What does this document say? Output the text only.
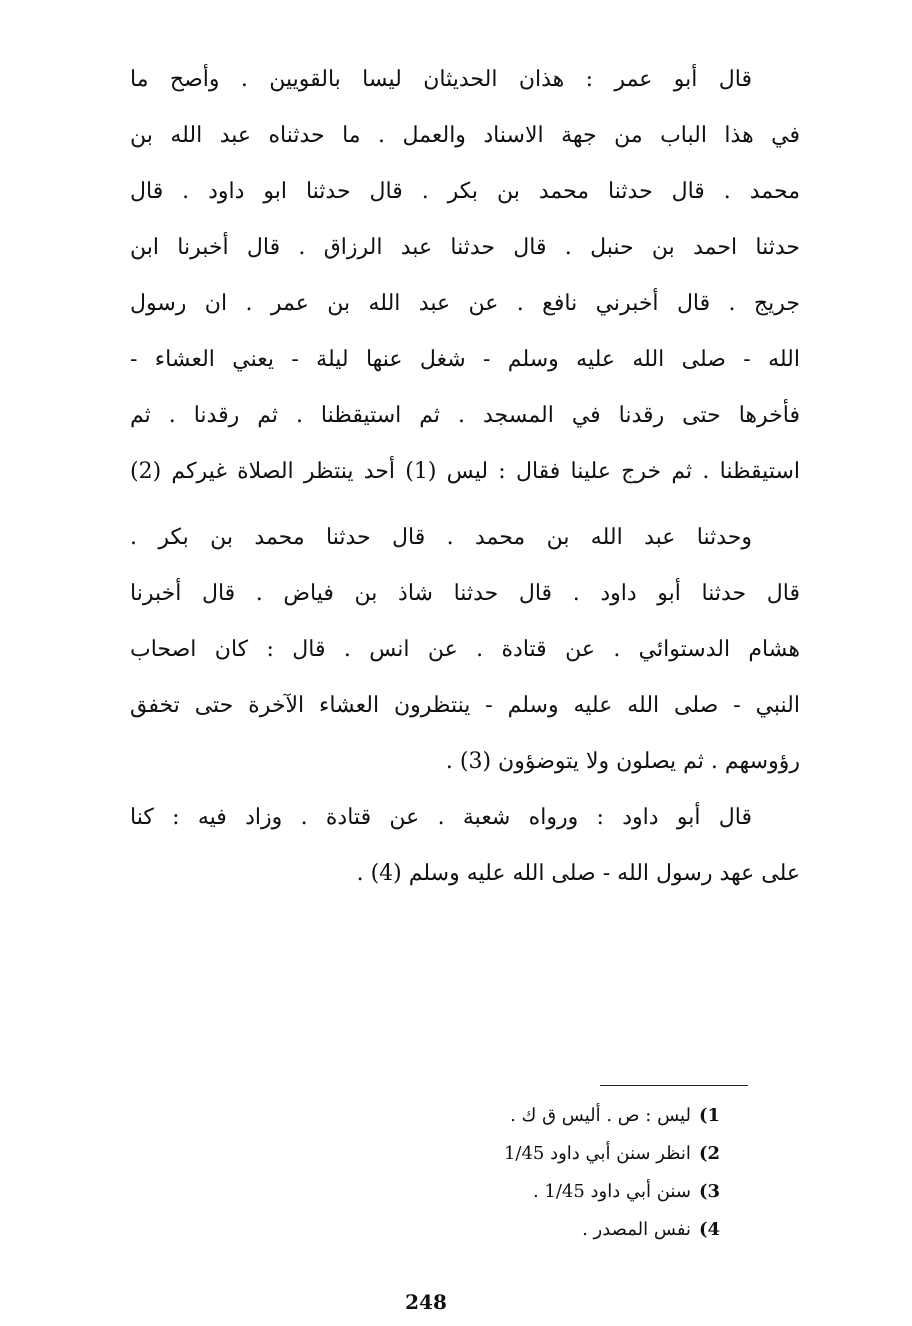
قال أبو عمر : هذان الحديثان ليسا بالقويين . وأصح ما
في هذا الباب من جهة الاسناد والعمل . ما حدثناه عبد الله بن
محمد . قال حدثنا محمد بن بكر . قال حدثنا ابو داود . قال
حدثنا احمد بن حنبل . قال حدثنا عبد الرزاق . قال أخبرنا ابن
جريج . قال أخبرني نافع . عن عبد الله بن عمر . ان رسول
الله - صلى الله عليه وسلم - شغل عنها ليلة - يعني العشاء -
فأخرها حتى رقدنا في المسجد . ثم استيقظنا . ثم رقدنا . ثم
استيقظنا . ثم خرج علينا فقال : ليس (1) أحد ينتظر الصلاة غيركم (2)
وحدثنا عبد الله بن محمد . قال حدثنا محمد بن بكر .
قال حدثنا أبو داود . قال حدثنا شاذ بن فياض . قال أخبرنا
هشام الدستوائي . عن قتادة . عن انس . قال : كان اصحاب
النبي - صلى الله عليه وسلم - ينتظرون العشاء الآخرة حتى تخفق
رؤوسهم . ثم يصلون ولا يتوضؤون (3) .
قال أبو داود : ورواه شعبة . عن قتادة . وزاد فيه : كنا
على عهد رسول الله - صلى الله عليه وسلم (4) .
1)ليس : ص . أليس ق ك .
2)انظر سنن أبي داود 1/45
3)سنن أبي داود 1/45 .
4)نفس المصدر .
248
